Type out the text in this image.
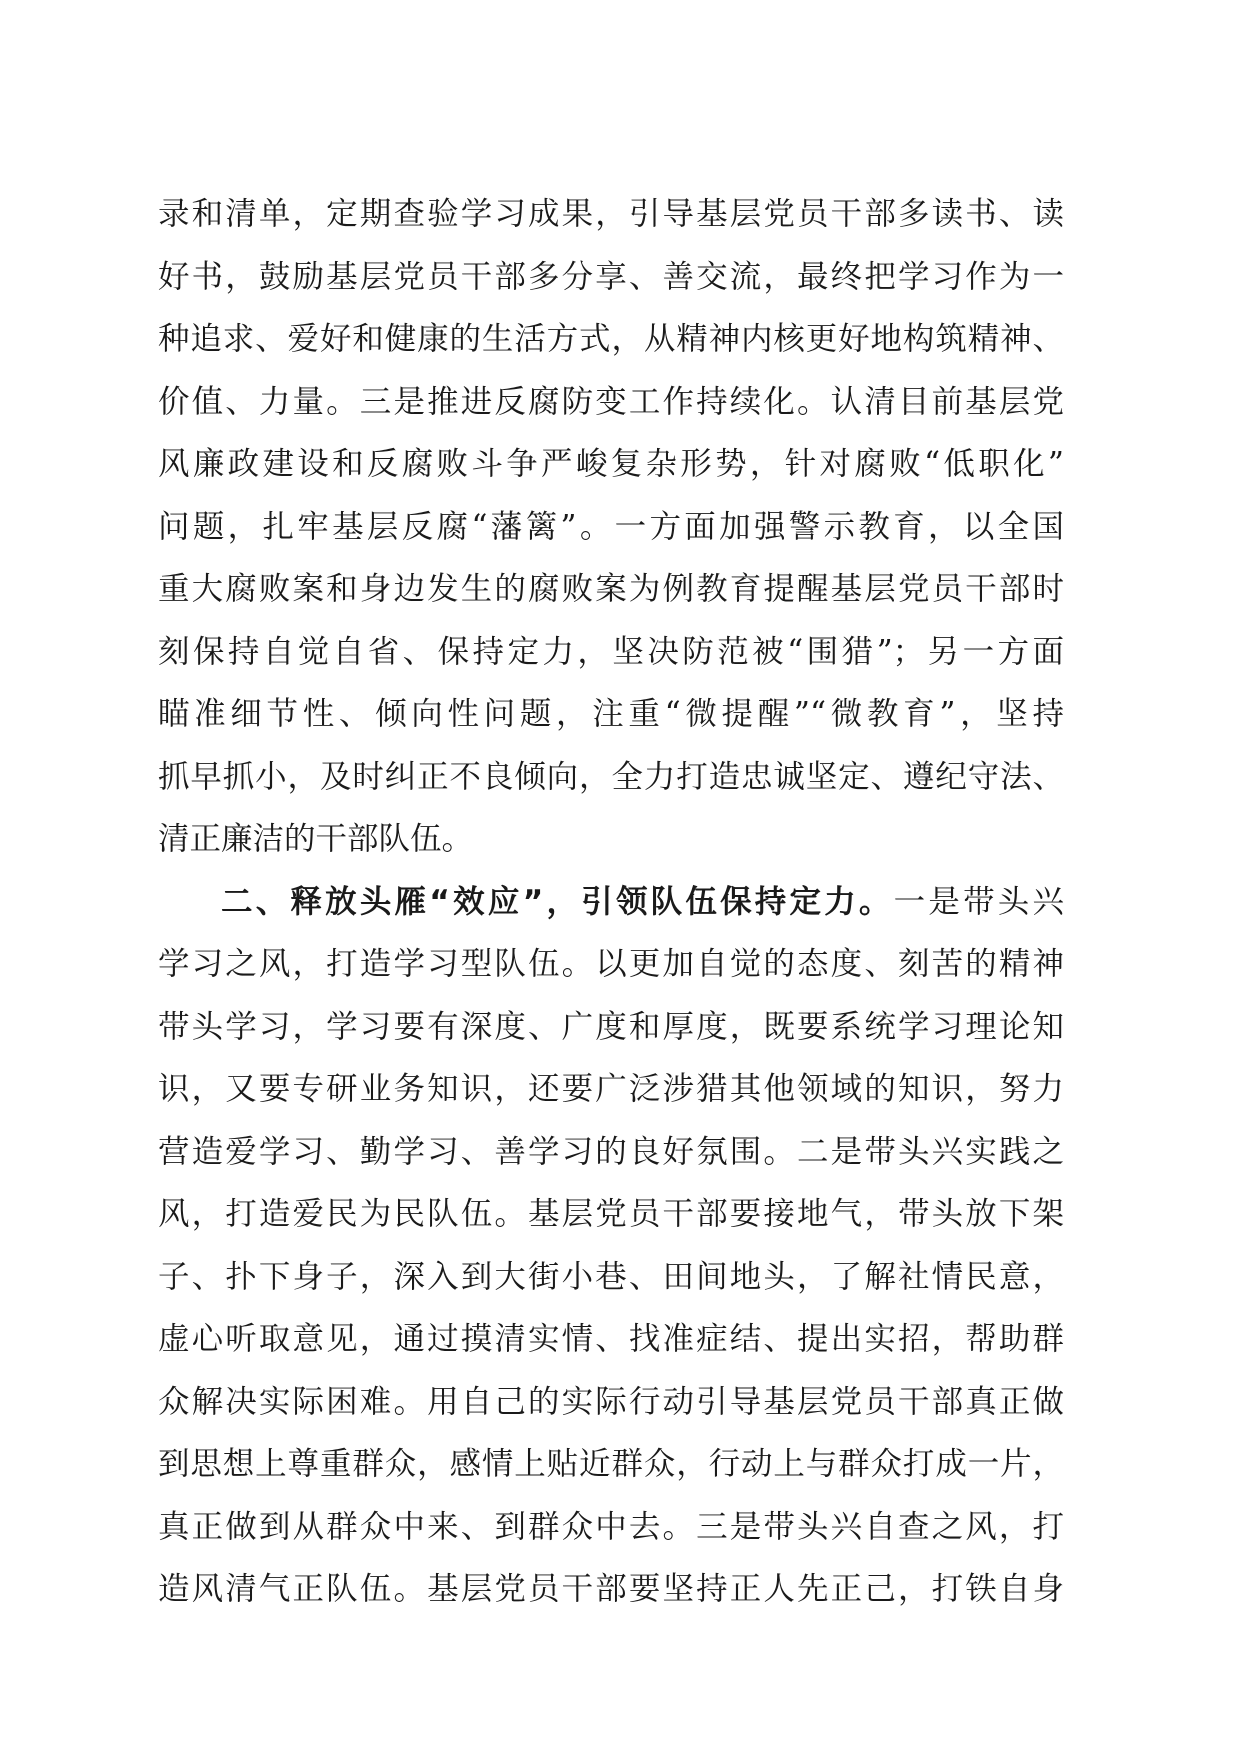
录和清单，定期查验学习成果，引导基层党员干部多读书、读
好书，鼓励基层党员干部多分享、善交流，最终把学习作为一
种追求、爱好和健康的生活方式，从精神内核更好地构筑精神、
价值、力量。三是推进反腐防变工作持续化。认清目前基层党
风廉政建设和反腐败斗争严峻复杂形势，针对腐败“低职化”
问题，扎牢基层反腐“藩篱”。一方面加强警示教育，以全国
重大腐败案和身边发生的腐败案为例教育提醒基层党员干部时
刻保持自觉自省、保持定力，坚决防范被“围猎”；另一方面
瞄准细节性、倾向性问题，注重“微提醒”“微教育”，坚持
抓早抓小，及时纠正不良倾向，全力打造忠诚坚定、遵纪守法、
清正廉洁的干部队伍。
二、释放头雁“效应”，引领队伍保持定力。一是带头兴
学习之风，打造学习型队伍。以更加自觉的态度、刻苦的精神
带头学习，学习要有深度、广度和厚度，既要系统学习理论知
识，又要专研业务知识，还要广泛涉猎其他领域的知识，努力
营造爱学习、勤学习、善学习的良好氛围。二是带头兴实践之
风，打造爱民为民队伍。基层党员干部要接地气，带头放下架
子、扑下身子，深入到大街小巷、田间地头，了解社情民意，
虚心听取意见，通过摸清实情、找准症结、提出实招，帮助群
众解决实际困难。用自己的实际行动引导基层党员干部真正做
到思想上尊重群众，感情上贴近群众，行动上与群众打成一片，
真正做到从群众中来、到群众中去。三是带头兴自查之风，打
造风清气正队伍。基层党员干部要坚持正人先正己，打铁自身
